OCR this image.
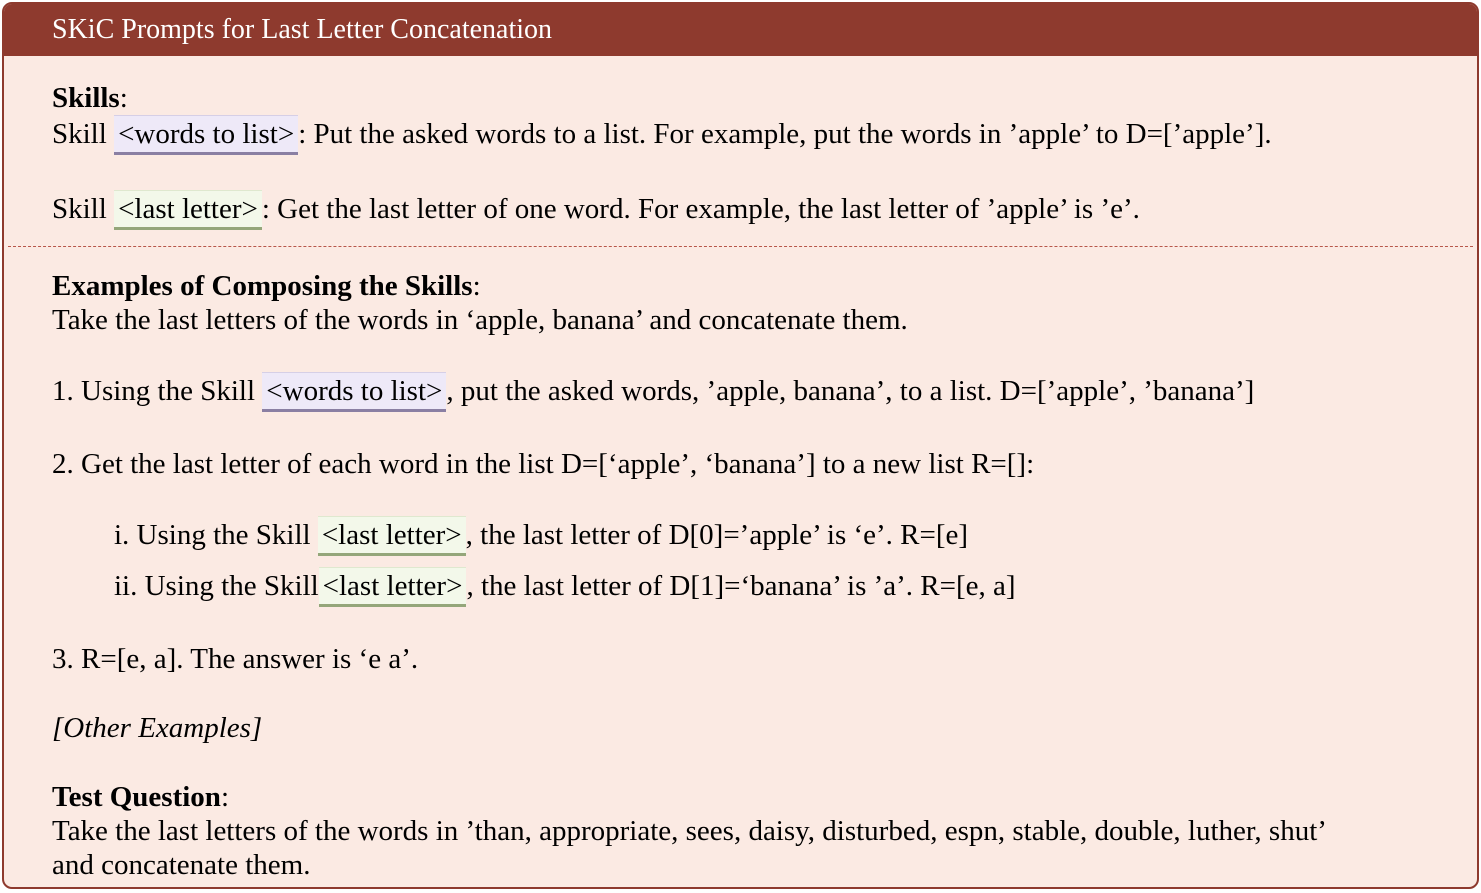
SKiC Prompts for Last Letter Concatenation
Skills:
Skill <words to list> : Put the asked words to a list. For example, put the words in ’apple’ to D=[’apple’].
Skill <last letter> : Get the last letter of one word. For example, the last letter of ’apple’ is ’e’.
Examples of Composing the Skills:
Take the last letters of the words in ‘apple, banana’ and concatenate them.
1. Using the Skill <words to list> , put the asked words, ’apple, banana’, to a list. D=[’apple’, ’banana’]
2. Get the last letter of each word in the list D=[‘apple’, ‘banana’] to a new list R=[]:
i. Using the Skill <last letter> , the last letter of D[0]=’apple’ is ‘e’. R=[e]
ii. Using the Skill <last letter> , the last letter of D[1]=‘banana’ is ’a’. R=[e, a]
3. R=[e, a]. The answer is ‘e a’.
[Other Examples]
Test Question:
Take the last letters of the words in ’than, appropriate, sees, daisy, disturbed, espn, stable, double, luther, shut’
and concatenate them.
